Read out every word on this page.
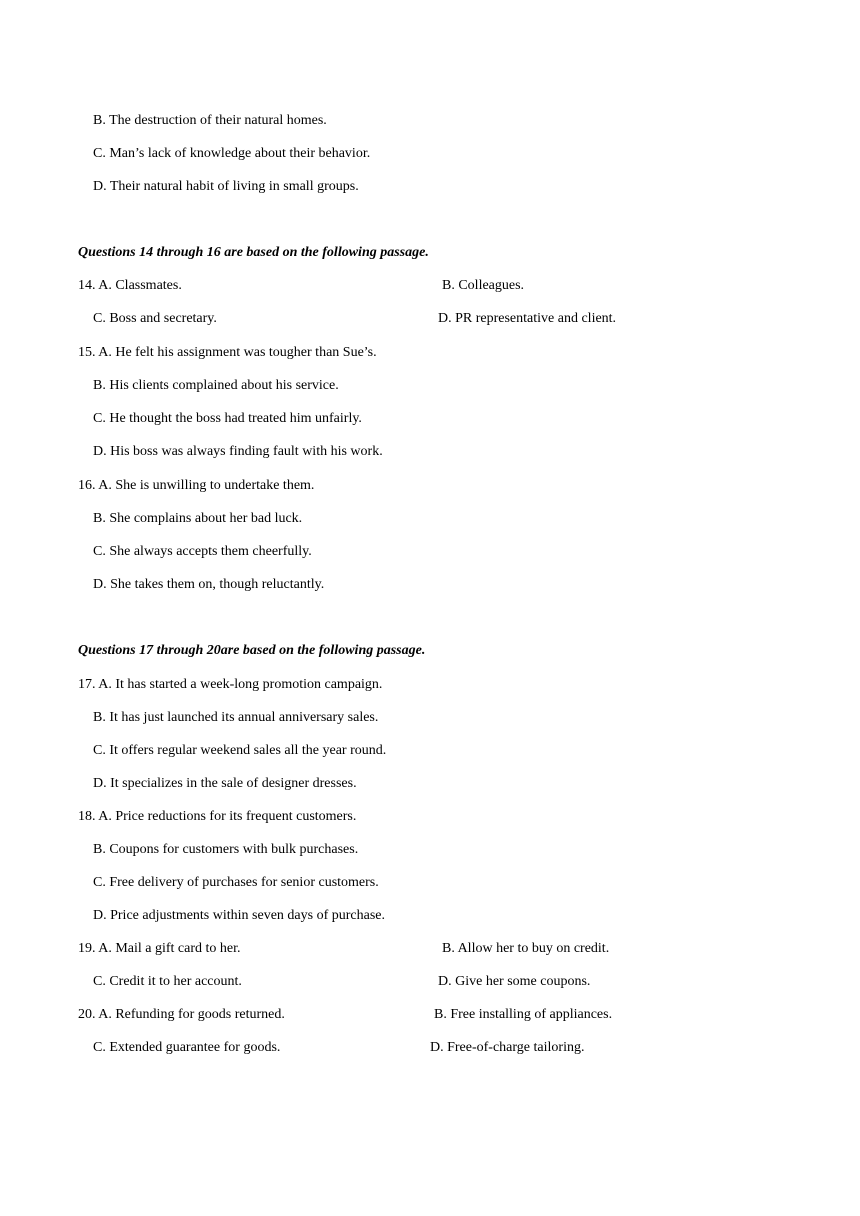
B. The destruction of their natural homes.
C. Man’s lack of knowledge about their behavior.
D. Their natural habit of living in small groups.
Questions 14 through 16 are based on the following passage.
14. A. Classmates.	B. Colleagues.
C. Boss and secretary.	D. PR representative and client.
15. A. He felt his assignment was tougher than Sue’s.
B. His clients complained about his service.
C. He thought the boss had treated him unfairly.
D. His boss was always finding fault with his work.
16. A. She is unwilling to undertake them.
B. She complains about her bad luck.
C. She always accepts them cheerfully.
D. She takes them on, though reluctantly.
Questions 17 through 20are based on the following passage.
17. A. It has started a week-long promotion campaign.
B. It has just launched its annual anniversary sales.
C. It offers regular weekend sales all the year round.
D. It specializes in the sale of designer dresses.
18. A. Price reductions for its frequent customers.
B. Coupons for customers with bulk purchases.
C. Free delivery of purchases for senior customers.
D. Price adjustments within seven days of purchase.
19. A. Mail a gift card to her.	B. Allow her to buy on credit.
C. Credit it to her account.	D. Give her some coupons.
20. A. Refunding for goods returned.	B. Free installing of appliances.
C. Extended guarantee for goods.	D. Free-of-charge tailoring.
